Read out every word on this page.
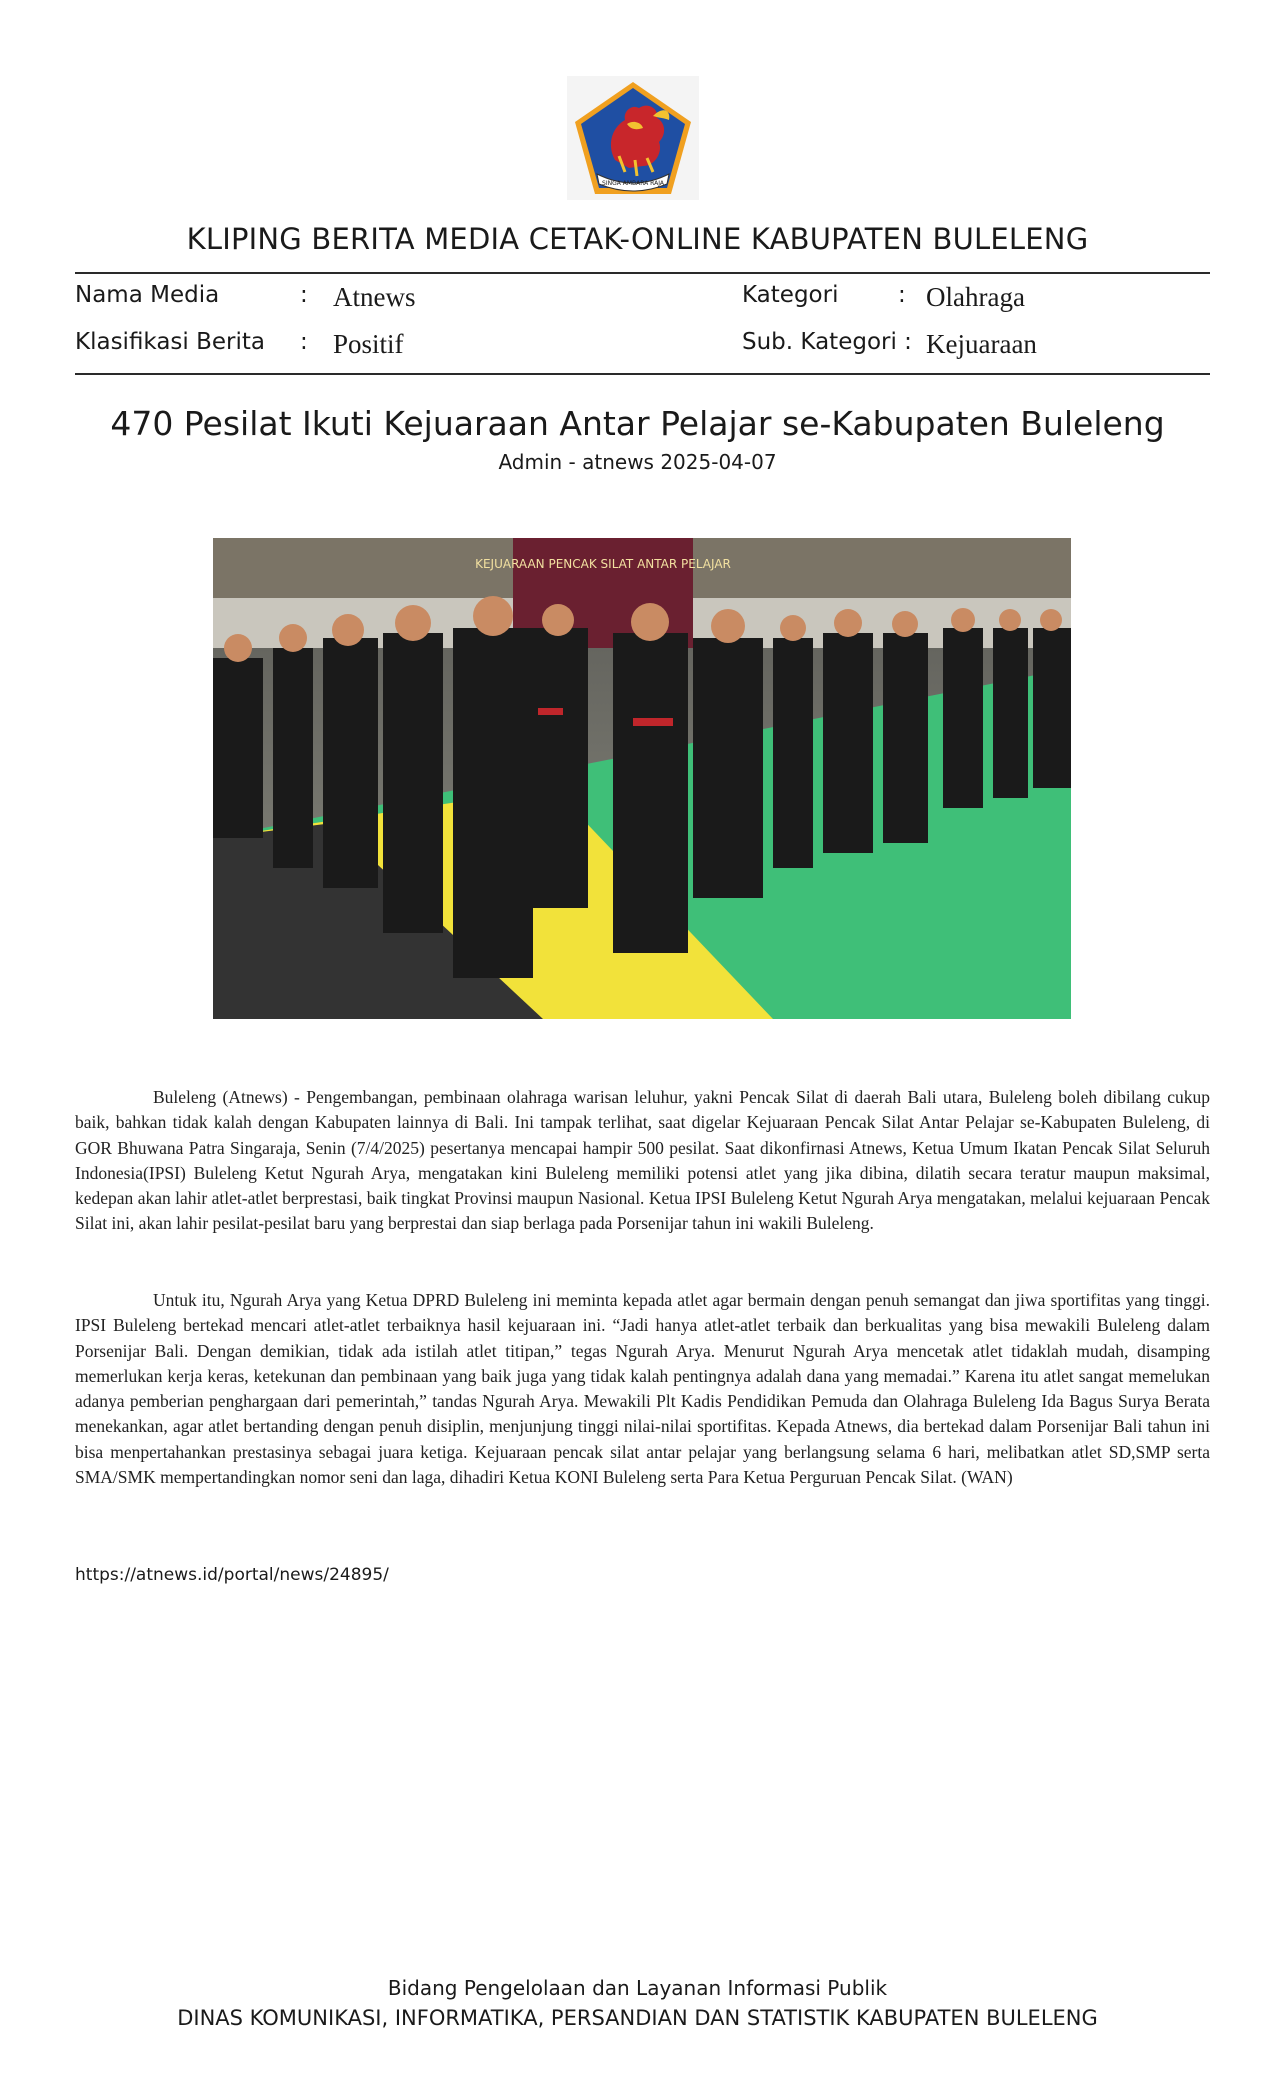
SINGA AMBARA RAJA
KLIPING BERITA MEDIA CETAK-ONLINE KABUPATEN BULELENG
Nama Media	: Atnews	Kategori	: Olahraga
Klasifikasi Berita : Positif	Sub. Kategori : Kejuaraan
470 Pesilat Ikuti Kejuaraan Antar Pelajar se-Kabupaten Buleleng
Admin - atnews 2025-04-07
KEJUARAAN PENCAK SILAT ANTAR PELAJAR
Buleleng (Atnews) - Pengembangan, pembinaan olahraga warisan leluhur, yakni Pencak Silat di daerah Bali utara, Buleleng boleh dibilang cukup baik, bahkan tidak kalah dengan Kabupaten lainnya di Bali. Ini tampak terlihat, saat digelar Kejuaraan Pencak Silat Antar Pelajar se-Kabupaten Buleleng, di GOR Bhuwana Patra Singaraja, Senin (7/4/2025) pesertanya mencapai hampir 500 pesilat. Saat dikonfirnasi Atnews, Ketua Umum Ikatan Pencak Silat Seluruh Indonesia(IPSI) Buleleng Ketut Ngurah Arya, mengatakan kini Buleleng memiliki potensi atlet yang jika dibina, dilatih secara teratur maupun maksimal, kedepan akan lahir atlet-atlet berprestasi, baik tingkat Provinsi maupun Nasional. Ketua IPSI Buleleng Ketut Ngurah Arya mengatakan, melalui kejuaraan Pencak Silat ini, akan lahir pesilat-pesilat baru yang berprestai dan siap berlaga pada Porsenijar tahun ini wakili Buleleng.
Untuk itu, Ngurah Arya yang Ketua DPRD Buleleng ini meminta kepada atlet agar bermain dengan penuh semangat dan jiwa sportifitas yang tinggi. IPSI Buleleng bertekad mencari atlet-atlet terbaiknya hasil kejuaraan ini. “Jadi hanya atlet-atlet terbaik dan berkualitas yang bisa mewakili Buleleng dalam Porsenijar Bali. Dengan demikian, tidak ada istilah atlet titipan,” tegas Ngurah Arya. Menurut Ngurah Arya mencetak atlet tidaklah mudah, disamping memerlukan kerja keras, ketekunan dan pembinaan yang baik juga yang tidak kalah pentingnya adalah dana yang memadai.” Karena itu atlet sangat memelukan adanya pemberian penghargaan dari pemerintah,” tandas Ngurah Arya. Mewakili Plt Kadis Pendidikan Pemuda dan Olahraga Buleleng Ida Bagus Surya Berata menekankan, agar atlet bertanding dengan penuh disiplin, menjunjung tinggi nilai-nilai sportifitas. Kepada Atnews, dia bertekad dalam Porsenijar Bali tahun ini bisa menpertahankan prestasinya sebagai juara ketiga. Kejuaraan pencak silat antar pelajar yang berlangsung selama 6 hari, melibatkan atlet SD,SMP serta SMA/SMK mempertandingkan nomor seni dan laga, dihadiri Ketua KONI Buleleng serta Para Ketua Perguruan Pencak Silat. (WAN)
https://atnews.id/portal/news/24895/
Bidang Pengelolaan dan Layanan Informasi Publik
DINAS KOMUNIKASI, INFORMATIKA, PERSANDIAN DAN STATISTIK KABUPATEN BULELENG
